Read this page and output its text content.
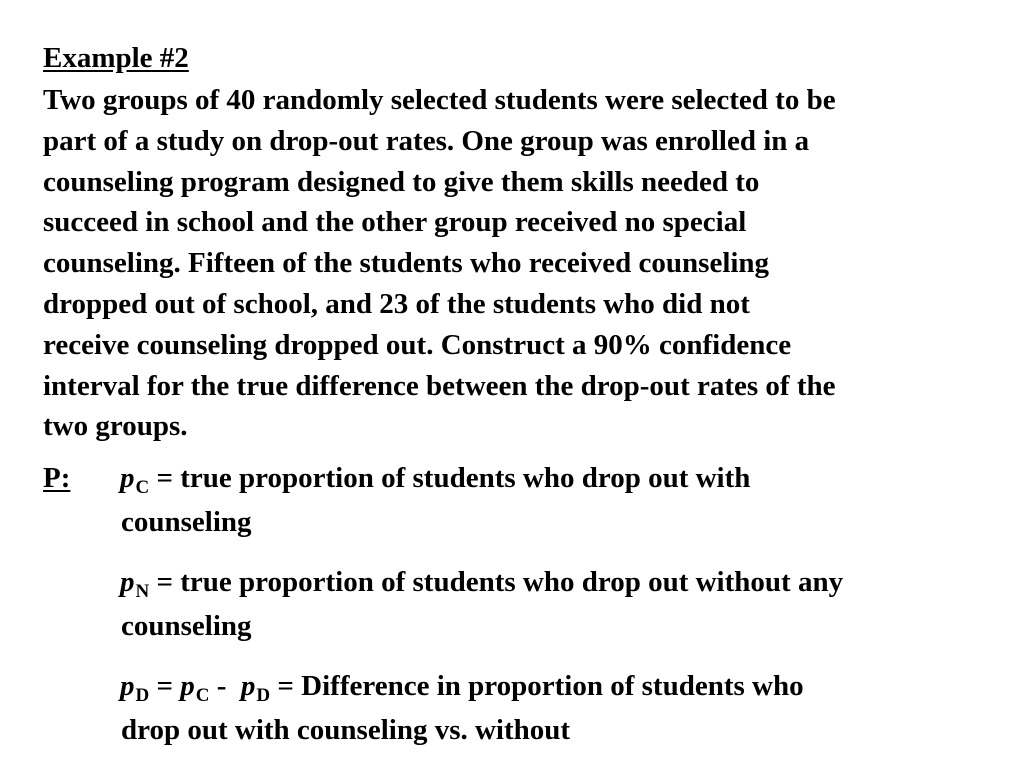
Example #2

Two groups of 40 randomly selected students were selected to be
part of a study on drop-out rates. One group was enrolled in a
counseling program designed to give them skills needed to
succeed in school and the other group received no special
counseling. Fifteen of the students who received counseling
dropped out of school, and 23 of the students who did not
receive counseling dropped out. Construct a 90% confidence
interval for the true difference between the drop-out rates of the
two groups.

P: $p_C$ = true proportion of students who drop out with
counseling
$p_N$ = true proportion of students who drop out without any
counseling
$p_D = p_C - p_D$ = Difference in proportion of students who
drop out with counseling vs. without
